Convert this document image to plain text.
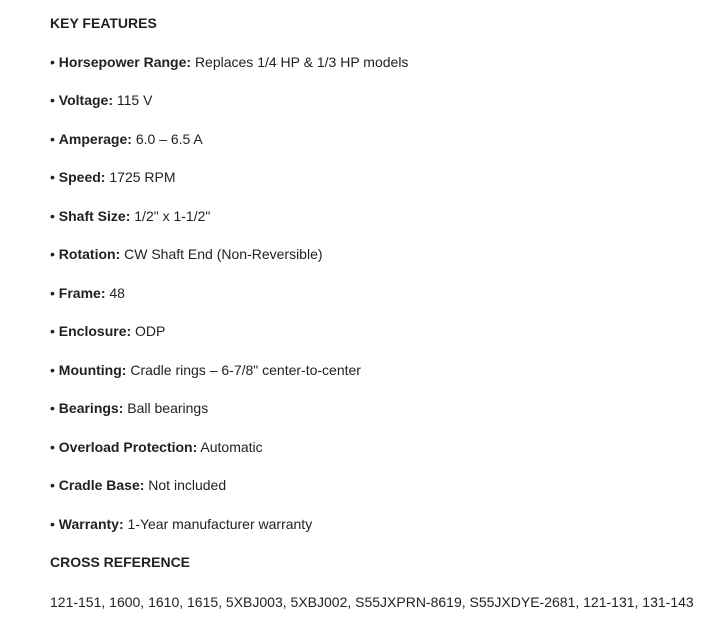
KEY FEATURES
• Horsepower Range: Replaces 1/4 HP & 1/3 HP models
• Voltage: 115 V
• Amperage: 6.0 – 6.5 A
• Speed: 1725 RPM
• Shaft Size: 1/2" x 1-1/2"
• Rotation: CW Shaft End (Non-Reversible)
• Frame: 48
• Enclosure: ODP
• Mounting: Cradle rings – 6-7/8" center-to-center
• Bearings: Ball bearings
• Overload Protection: Automatic
• Cradle Base: Not included
• Warranty: 1-Year manufacturer warranty
CROSS REFERENCE
121-151, 1600, 1610, 1615, 5XBJ003, 5XBJ002, S55JXPRN-8619, S55JXDYE-2681, 121-131, 131-143
